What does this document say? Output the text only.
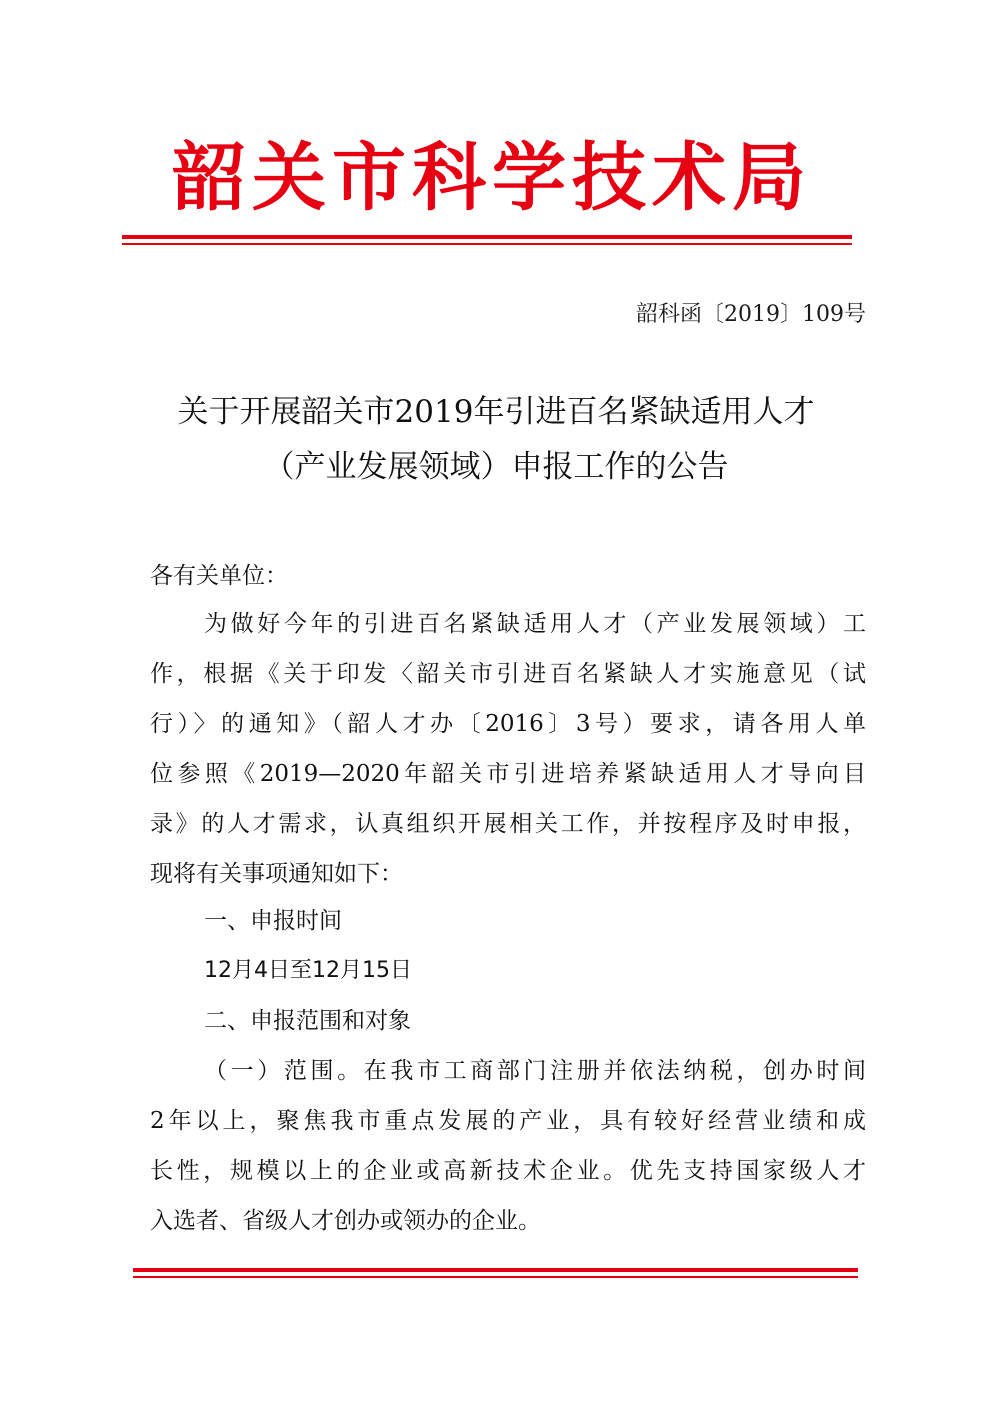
韶关市科学技术局
韶科函〔2019〕109号
关于开展韶关市2019年引进百名紧缺适用人才
（产业发展领域）申报工作的公告
各有关单位：
为做好今年的引进百名紧缺适用人才（产业发展领域）工
作，根据《关于印发〈韶关市引进百名紧缺人才实施意见（试
行）〉的通知》（韶人才办〔2016〕3号）要求，请各用人单
位参照《2019—2020年韶关市引进培养紧缺适用人才导向目
录》的人才需求，认真组织开展相关工作，并按程序及时申报，
现将有关事项通知如下：
一、申报时间
12月4日至12月15日
二、申报范围和对象
（一）范围。在我市工商部门注册并依法纳税，创办时间
2年以上，聚焦我市重点发展的产业，具有较好经营业绩和成
长性，规模以上的企业或高新技术企业。优先支持国家级人才
入选者、省级人才创办或领办的企业。
